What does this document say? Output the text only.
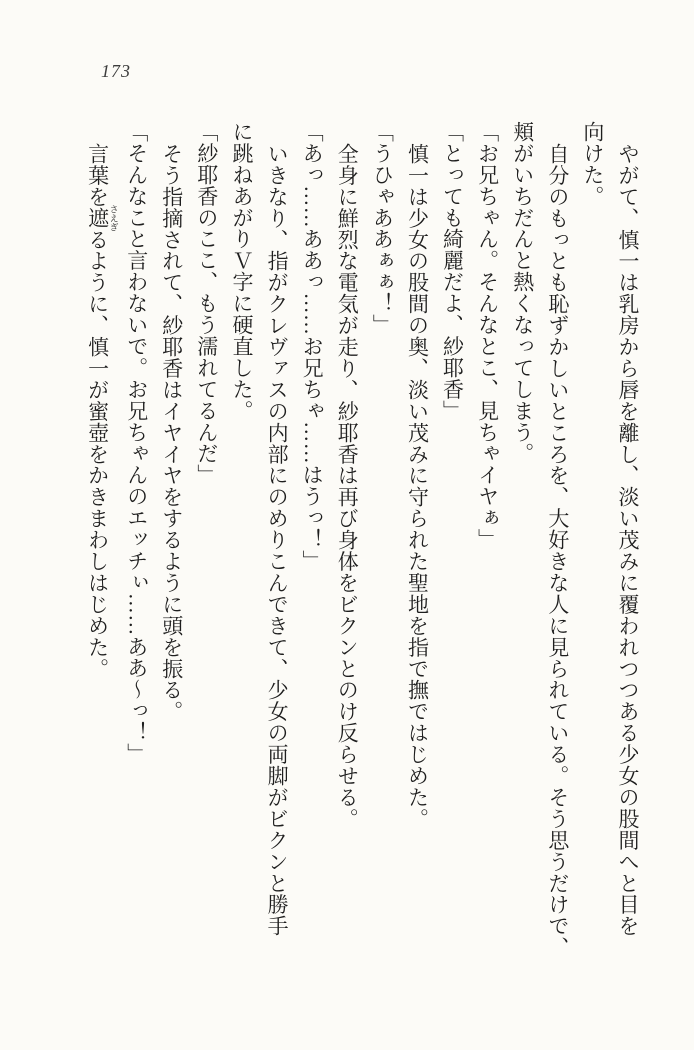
173
やがて、慎一は乳房から唇を離し、淡い茂みに覆われつつある少女の股間へと目を
向けた。
自分のもっとも恥ずかしいところを、大好きな人に見られている。そう思うだけで、
頬がいちだんと熱くなってしまう。
「お兄ちゃん。そんなとこ、見ちゃイヤぁ」
「とっても綺麗だよ、紗耶香」
慎一は少女の股間の奥、淡い茂みに守られた聖地を指で撫ではじめた。
「うひゃああぁぁ！」
全身に鮮烈な電気が走り、紗耶香は再び身体をビクンとのけ反らせる。
「あっ……ああっ……お兄ちゃ……はうっ！」
いきなり、指がクレヴァスの内部にのめりこんできて、少女の両脚がビクンと勝手
に跳ねあがりＶ字に硬直した。
「紗耶香のここ、もう濡れてるんだ」
そう指摘されて、紗耶香はイヤイヤをするように頭を振る。
「そんなこと言わないで。お兄ちゃんのエッチぃ……ああ～っ！」
言葉を遮 さえぎるように、慎一が蜜壺をかきまわしはじめた。
